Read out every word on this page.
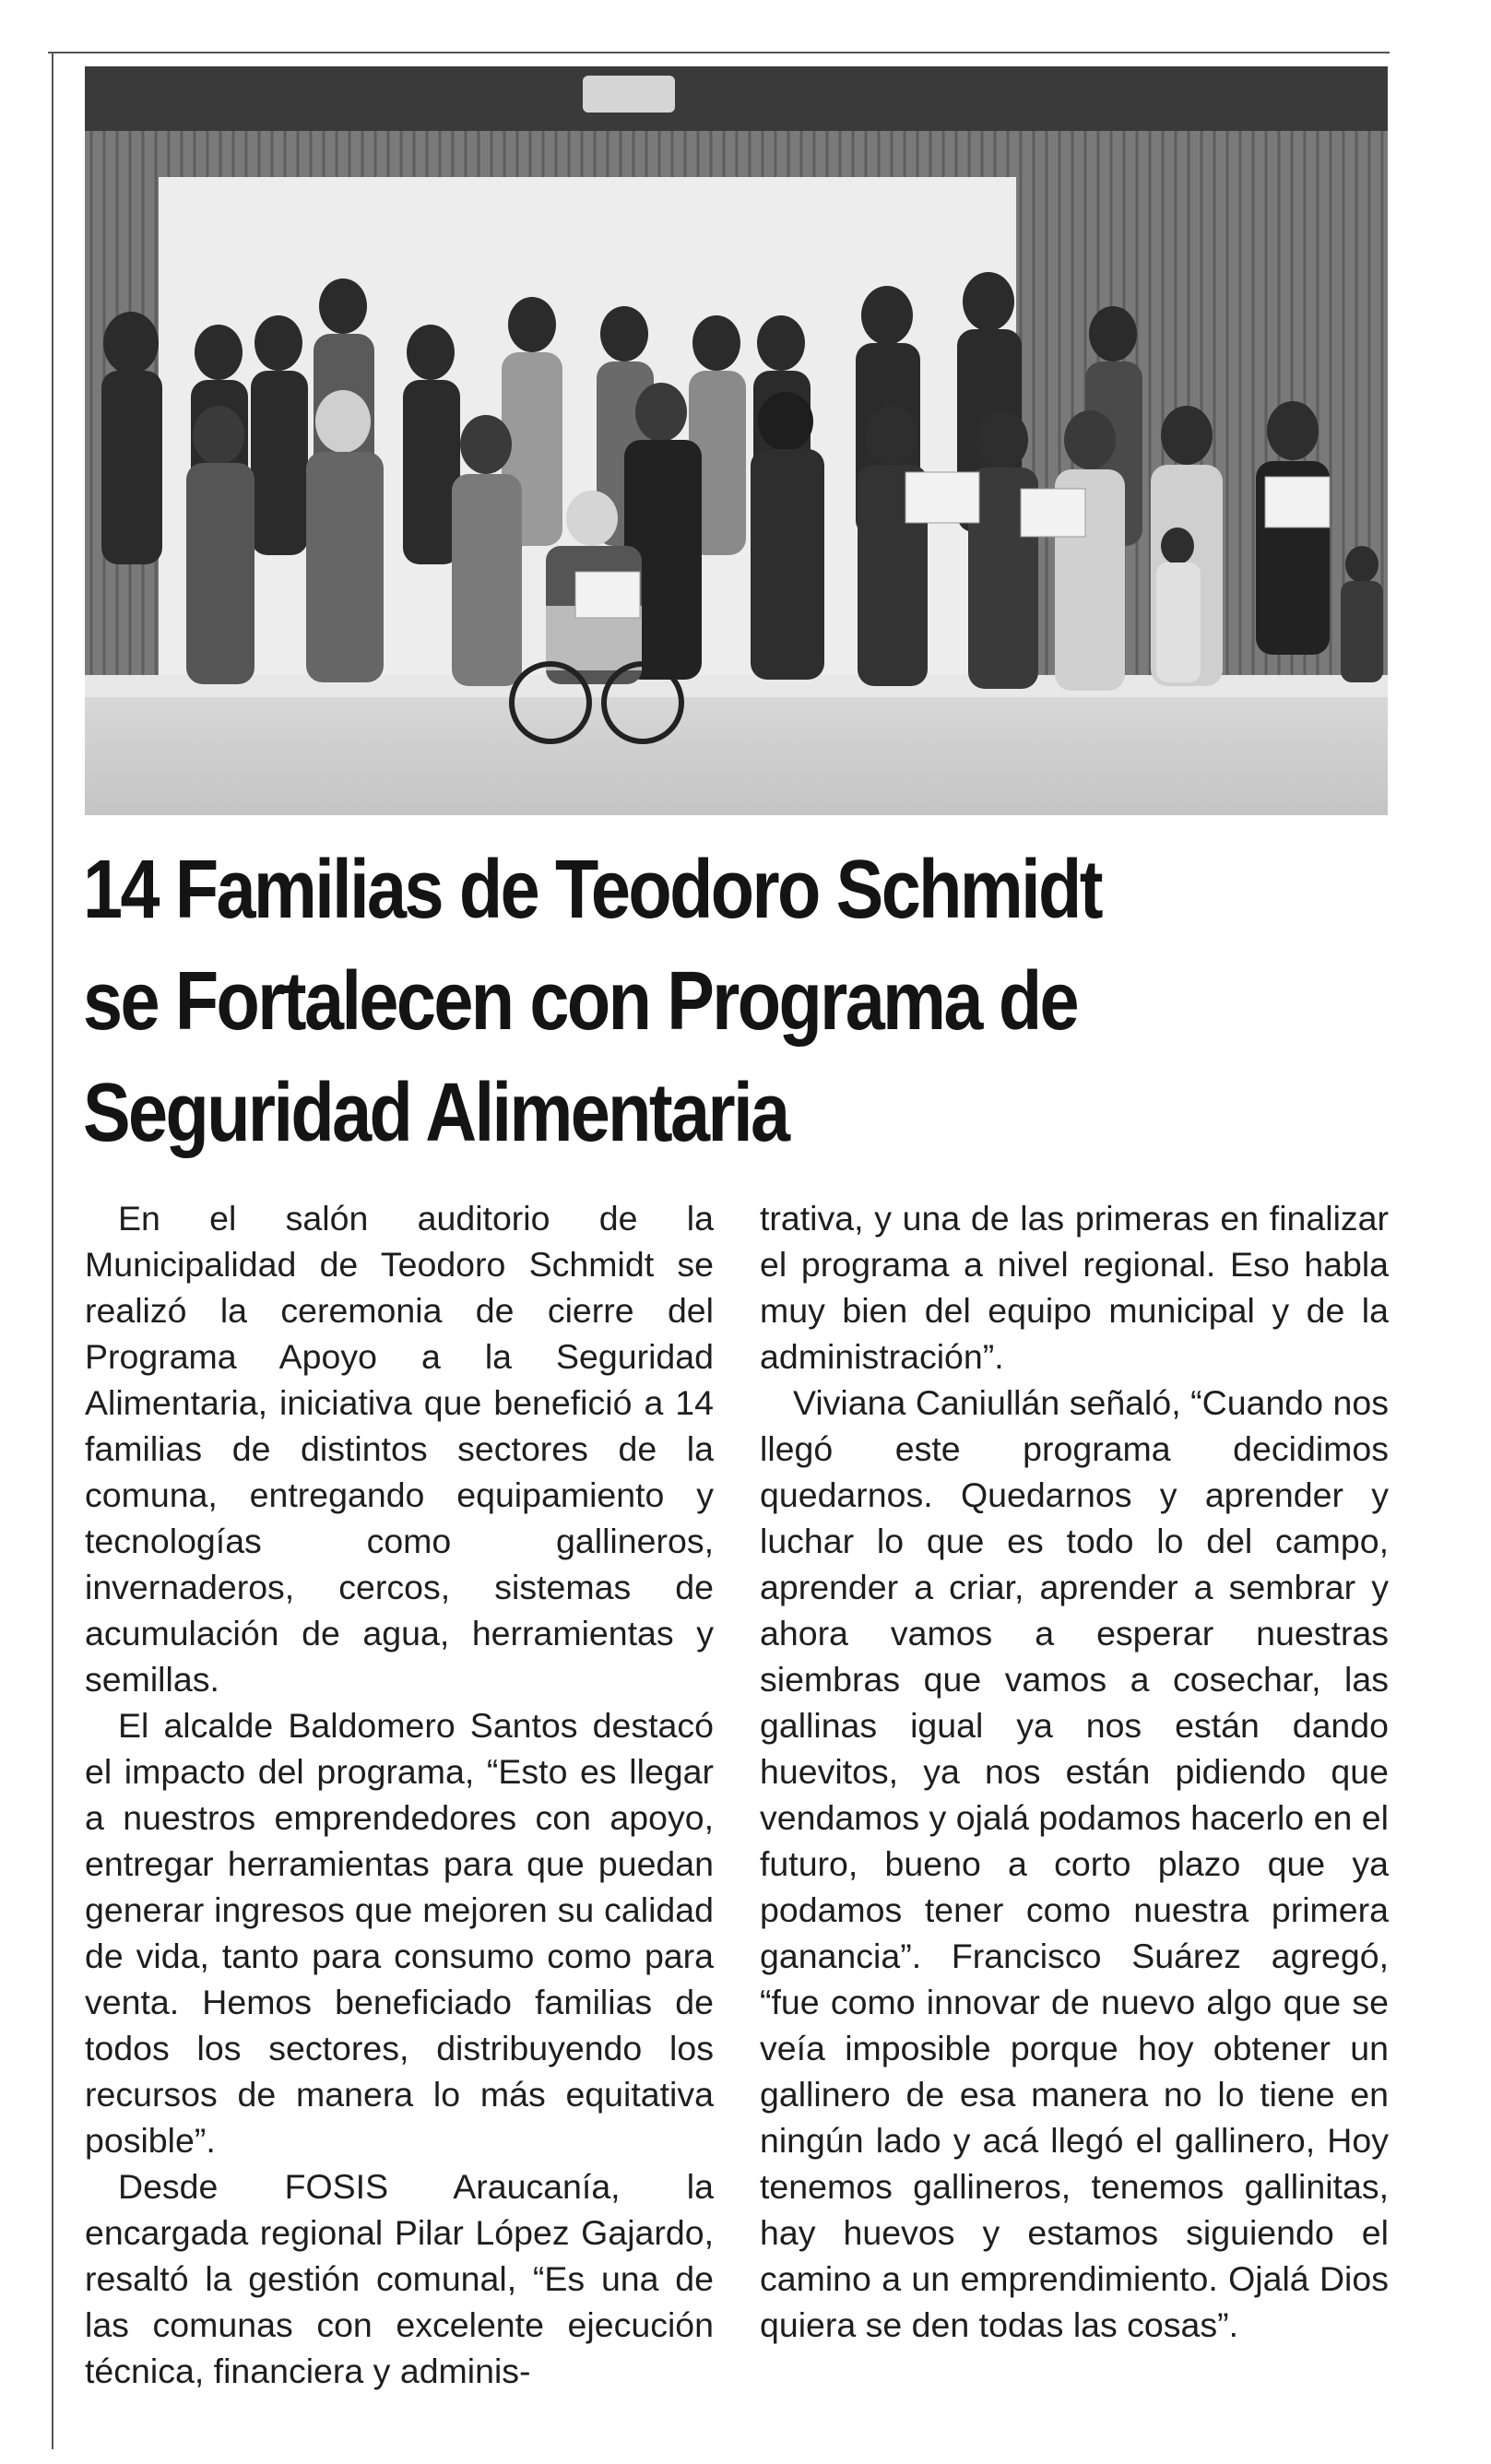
14 Familias de Teodoro Schmidt
se Fortalecen con Programa de
Seguridad Alimentaria

En el salón auditorio de la Municipalidad de Teodoro Schmidt se realizó la ceremonia de cierre del Programa Apoyo a la Seguridad Alimentaria, iniciativa que benefició a 14 familias de distintos sectores de la comuna, entregando equipamiento y tecnologías como gallineros, invernaderos, cercos, sistemas de acumulación de agua, herramientas y semillas.

El alcalde Baldomero Santos destacó el impacto del programa, “Esto es llegar a nuestros emprendedores con apoyo, entregar herramientas para que puedan generar ingresos que mejoren su calidad de vida, tanto para consumo como para venta. Hemos beneficiado familias de todos los sectores, distribuyendo los recursos de manera lo más equitativa posible”.

Desde FOSIS Araucanía, la encargada regional Pilar López Gajardo, resaltó la gestión comunal, “Es una de las comunas con excelente ejecución técnica, financiera y adminis-

trativa, y una de las primeras en finalizar el programa a nivel regional. Eso habla muy bien del equipo municipal y de la administración”.

Viviana Caniullán señaló, “Cuando nos llegó este programa decidimos quedarnos. Quedarnos y aprender y luchar lo que es todo lo del campo, aprender a criar, aprender a sembrar y ahora vamos a esperar nuestras siembras que vamos a cosechar, las gallinas igual ya nos están dando huevitos, ya nos están pidiendo que vendamos y ojalá podamos hacerlo en el futuro, bueno a corto plazo que ya podamos tener como nuestra primera ganancia”. Francisco Suárez agregó, “fue como innovar de nuevo algo que se veía imposible porque hoy obtener un gallinero de esa manera no lo tiene en ningún lado y acá llegó el gallinero, Hoy tenemos gallineros, tenemos gallinitas, hay huevos y estamos siguiendo el camino a un emprendimiento. Ojalá Dios quiera se den todas las cosas”.
